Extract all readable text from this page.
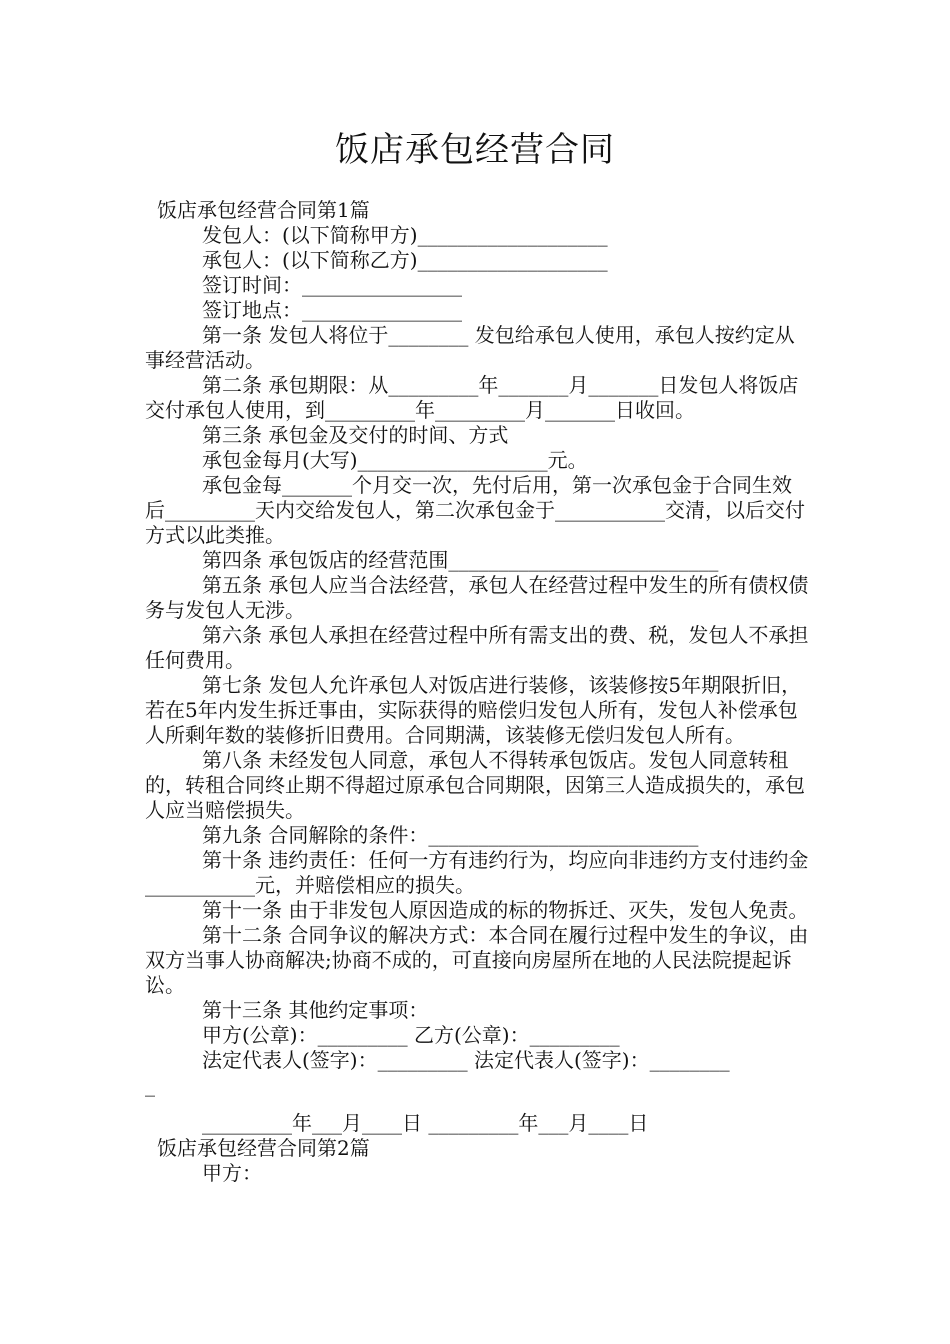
饭店承包经营合同

饭店承包经营合同第1篇

发包人：(以下简称甲方)___________________

承包人：(以下简称乙方)___________________

签订时间：________________

签订地点：________________

第一条 发包人将位于________ 发包给承包人使用，承包人按约定从事经营活动。

第二条 承包期限：从_________年_______月_______日发包人将饭店交付承包人使用，到_________年_________月_______日收回。

第三条 承包金及交付的时间、方式

承包金每月(大写)___________________元。

承包金每_______个月交一次，先付后用，第一次承包金于合同生效后_________天内交给发包人，第二次承包金于___________交清，以后交付方式以此类推。

第四条 承包饭店的经营范围___________________________

第五条 承包人应当合法经营，承包人在经营过程中发生的所有债权债务与发包人无涉。

第六条 承包人承担在经营过程中所有需支出的费、税，发包人不承担任何费用。

第七条 发包人允许承包人对饭店进行装修，该装修按5年期限折旧，若在5年内发生拆迁事由，实际获得的赔偿归发包人所有，发包人补偿承包人所剩年数的装修折旧费用。合同期满，该装修无偿归发包人所有。

第八条 未经发包人同意，承包人不得转承包饭店。发包人同意转租的，转租合同终止期不得超过原承包合同期限，因第三人造成损失的，承包人应当赔偿损失。

第九条 合同解除的条件：___________________________

第十条 违约责任：任何一方有违约行为，均应向非违约方支付违约金___________元，并赔偿相应的损失。

第十一条 由于非发包人原因造成的标的物拆迁、灭失，发包人免责。

第十二条 合同争议的解决方式：本合同在履行过程中发生的争议，由双方当事人协商解决;协商不成的，可直接向房屋所在地的人民法院提起诉讼。

第十三条 其他约定事项：

甲方(公章)：_________ 乙方(公章)：_________

法定代表人(签字)：_________ 法定代表人(签字)：________

_

_________年___月____日 _________年___月____日

饭店承包经营合同第2篇

甲方：
